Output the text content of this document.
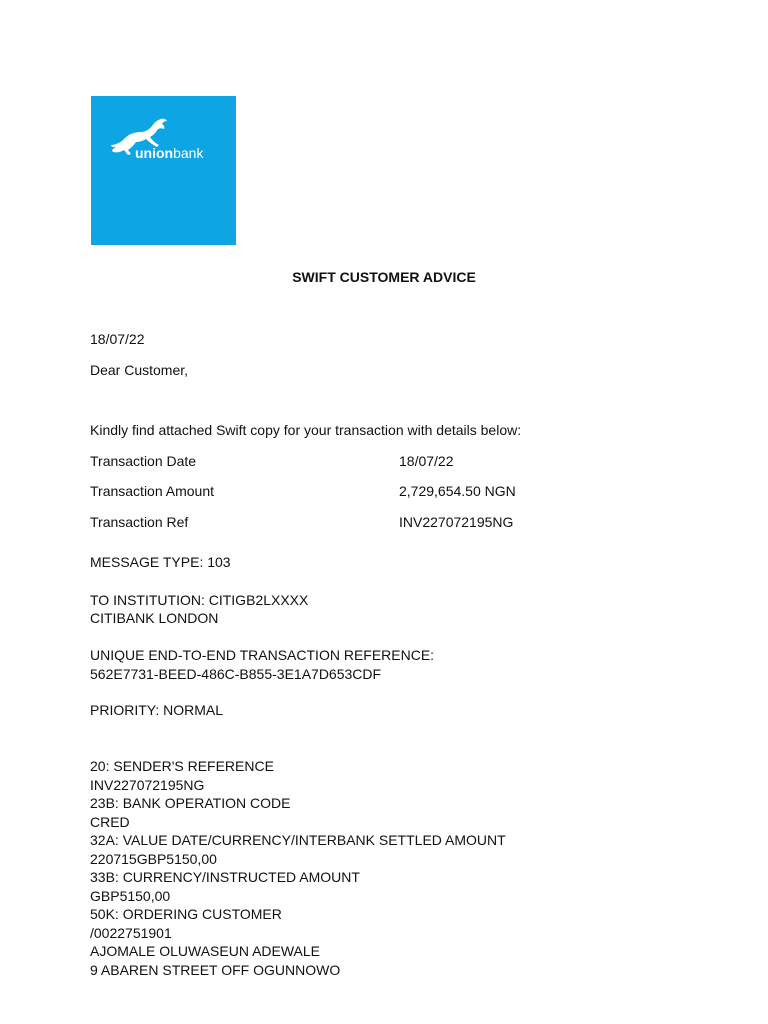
unionbank
SWIFT CUSTOMER ADVICE
18/07/22
Dear Customer,
Kindly find attached Swift copy for your transaction with details below:
Transaction Date	18/07/22
Transaction Amount	2,729,654.50 NGN
Transaction Ref	INV227072195NG
MESSAGE TYPE: 103
TO INSTITUTION: CITIGB2LXXXX
CITIBANK LONDON
UNIQUE END-TO-END TRANSACTION REFERENCE:
562E7731-BEED-486C-B855-3E1A7D653CDF
PRIORITY: NORMAL
20: SENDER'S REFERENCE
INV227072195NG
23B: BANK OPERATION CODE
CRED
32A: VALUE DATE/CURRENCY/INTERBANK SETTLED AMOUNT
220715GBP5150,00
33B: CURRENCY/INSTRUCTED AMOUNT
GBP5150,00
50K: ORDERING CUSTOMER
/0022751901
AJOMALE OLUWASEUN ADEWALE
9 ABAREN STREET OFF OGUNNOWO
